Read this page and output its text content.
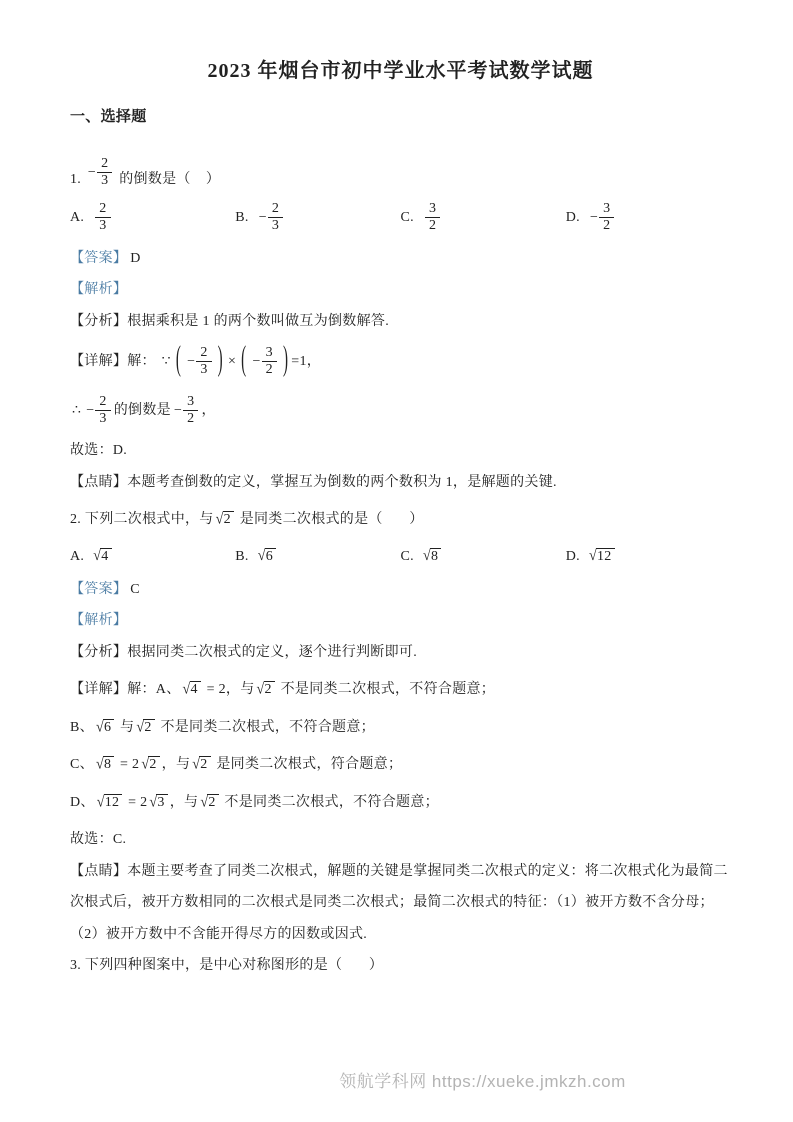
2023 年烟台市初中学业水平考试数学试题
一、选择题
1.
− $\frac{2}{3}$ 的倒数是（    ）
A.
2
3
B. − $\frac{2}{3}$	C.
3
2
D. − $\frac{3}{2}$
【答案】 D
【解析】
【分析】根据乘积是 1 的两个数叫做互为倒数解答.
【详解】解： ∵ ( − $\frac{2}{3}$ ) × ( − $\frac{3}{2}$ ) =1，
∴ − $\frac{2}{3}$ 的倒数是 − $\frac{3}{2}$ ，
故选：D.
【点睛】本题考查倒数的定义，掌握互为倒数的两个数积为 1，是解题的关键.
2. 下列二次根式中，与 √2 是同类二次根式的是（       ）
A. √4	B. √6	C. √8	D. √12
【答案】 C
【解析】
【分析】根据同类二次根式的定义，逐个进行判断即可.
【详解】解：A、 √4 = 2，与 √2 不是同类二次根式，不符合题意；
B、 √6 与 √2 不是同类二次根式，不符合题意；
C、 √8 = 2 √2 ，与 √2 是同类二次根式，符合题意；
D、 √12 = 2 √3 ，与 √2 不是同类二次根式，不符合题意；
故选：C.
【点睛】本题主要考查了同类二次根式，解题的关键是掌握同类二次根式的定义：将二次根式化为最简二次根式后，被开方数相同的二次根式是同类二次根式；最简二次根式的特征：（1）被开方数不含分母；（2）被开方数中不含能开得尽方的因数或因式.
3. 下列四种图案中，是中心对称图形的是（       ）
领航学科网 https://xueke.jmkzh.com
